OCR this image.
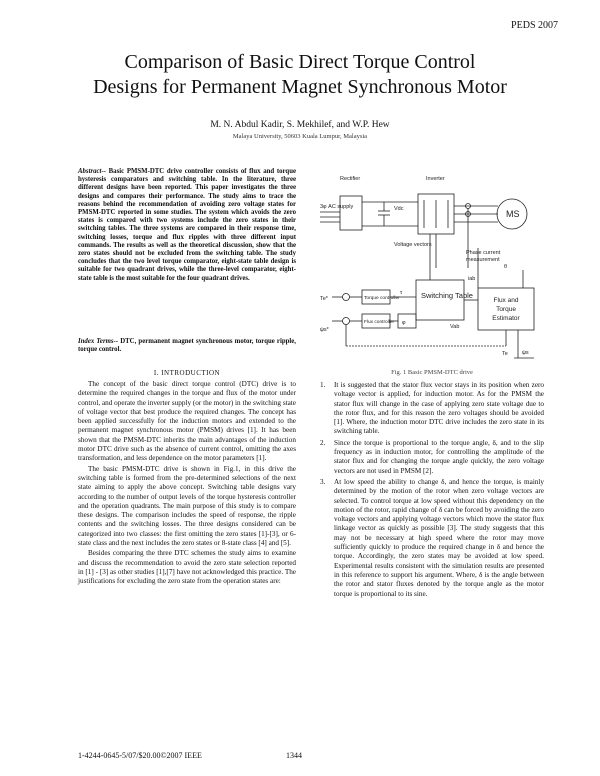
PEDS 2007
Comparison of Basic Direct Torque Control
Designs for Permanent Magnet Synchronous Motor
M. N. Abdul Kadir, S. Mekhilef, and W.P. Hew
Malaya University, 50603 Kuala Lumpur, Malaysia
Abstract-- Basic PMSM-DTC drive controller consists of flux and torque hysteresis comparators and switching table. In the literature, three different designs have been reported. This paper investigates the three designs and compares their performance. The study aims to trace the reasons behind the recommendation of avoiding zero voltage states for PMSM-DTC reported in some studies. The system which avoids the zero states is compared with two systems include the zero states in their switching tables. The three systems are compared in their response time, switching losses, torque and flux ripples with three different input commands. The results as well as the theoretical discussion, show that the zero states should not be excluded from the switching table. The study concludes that the two level torque comparator, eight-state table design is suitable for two quadrant drives, while the three-level comparator, eight-state table is the most suitable for the four quadrant drives.
Index Terms-- DTC, permanent magnet synchronous motor, torque ripple, torque control.
I. INTRODUCTION

The concept of the basic direct torque control (DTC) drive is to determine the required changes in the torque and flux of the motor under control, and operate the inverter supply (or the motor) in the switching state of voltage vector that best produce the required changes. The concept has been applied successfully for the induction motors and extended to the permanent magnet synchronous motor (PMSM) drives [1]. It has been shown that the PMSM-DTC inherits the main advantages of the induction motor DTC drive such as the absence of current control, omitting the axes transformation, and less dependence on the motor parameters [1].

The basic PMSM-DTC drive is shown in Fig.1, in this drive the switching table is formed from the pre-determined selections of the next state aiming to apply the above concept. Switching table designs vary according to the number of output levels of the torque hysteresis controller and the operation quadrants. The main purpose of this study is to compare these designs. The comparison includes the speed of response, the ripple contents and the switching losses. The three designs considered can be categorized into two classes: the first omitting the zero states [1]-[3], or 6-state class and the next includes the zero states or 8-state class [4] and [5].

Besides comparing the three DTC schemes the study aims to examine and discuss the recommendation to avoid the zero state selection reported in [1] - [3] as other studies [1],[7] have not acknowledged this practice. The justifications for excluding the zero state from the operation states are:

Rectifier	Inverter
3φ AC supply	Vdc
Voltage vectors
Phase current
measurement
θ
Te*	Torque controller
ψs*
Flux controller
τ
φ
Vab
iab
Te	ψs
MS
Switching Table
Flux and
Torque
Estimator
Fig. 1 Basic PMSM-DTC drive
1. It is suggested that the stator flux vector stays in its position when zero voltage vector is applied, for induction motor. As for the PMSM the stator flux will change in the case of applying zero state voltage due to the rotor flux, and for this reason the zero voltages should be avoided [1]. Where, the induction motor DTC drive includes the zero state in its switching table.
2. Since the torque is proportional to the torque angle, δ, and to the slip frequency as in induction motor, for controlling the amplitude of the stator flux and for changing the torque angle quickly, the zero voltage vectors are not used in PMSM [2].
3. At low speed the ability to change δ, and hence the torque, is mainly determined by the motion of the rotor when zero voltage vectors are selected. To control torque at low speed without this dependency on the motion of the rotor, rapid change of δ can be forced by avoiding the zero voltage vectors and applying voltage vectors which move the stator flux linkage vector as quickly as possible [3]. The study suggests that this may not be necessary at high speed where the rotor may move sufficiently quickly to produce the required change in δ and hence the torque. Accordingly, the zero states may be avoided at low speed. Experimental results consistent with the simulation results are presented in this reference to support his argument. Where, δ is the angle between the rotor and stator fluxes denoted by the torque angle as the motor torque is proportional to its sine.
1-4244-0645-5/07/$20.00©2007 IEEE	1344
